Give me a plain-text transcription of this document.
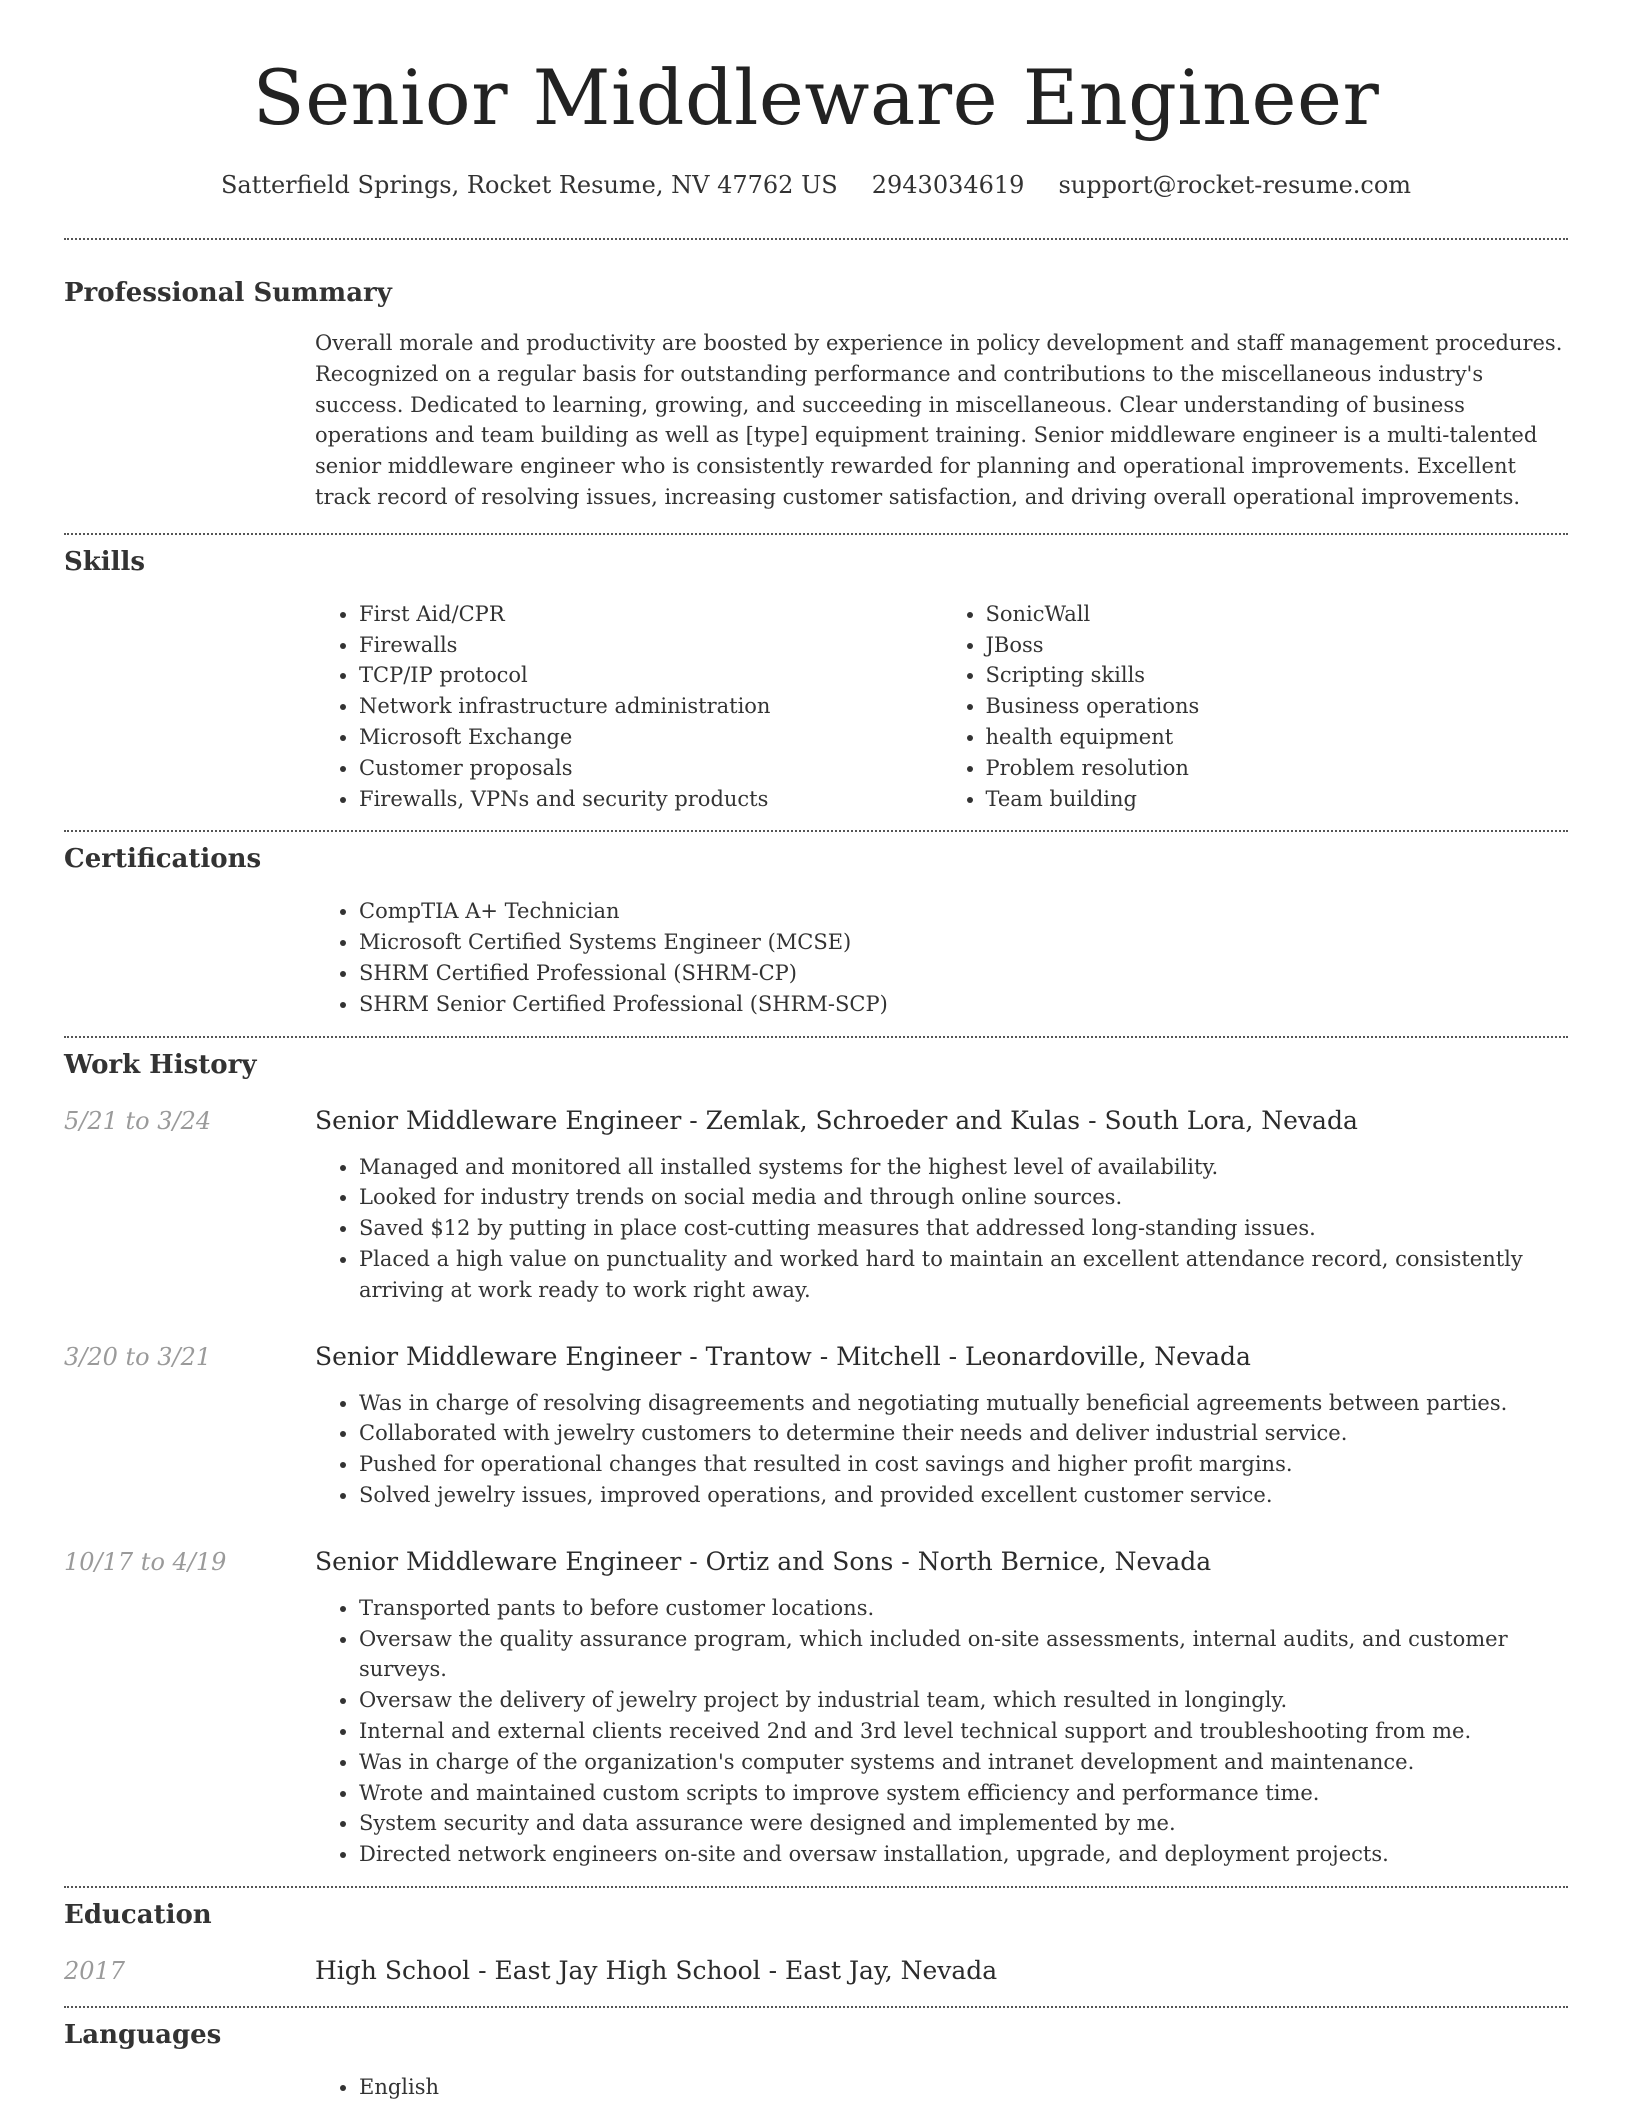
Senior Middleware Engineer
Satterfield Springs, Rocket Resume, NV 47762 US 2943034619 support@rocket-resume.com
Professional Summary
Overall morale and productivity are boosted by experience in policy development and staff management procedures. Recognized on a regular basis for outstanding performance and contributions to the miscellaneous industry's success. Dedicated to learning, growing, and succeeding in miscellaneous. Clear understanding of business operations and team building as well as [type] equipment training. Senior middleware engineer is a multi-talented senior middleware engineer who is consistently rewarded for planning and operational improvements. Excellent track record of resolving issues, increasing customer satisfaction, and driving overall operational improvements.
Skills
• First Aid/CPR
• Firewalls
• TCP/IP protocol
• Network infrastructure administration
• Microsoft Exchange
• Customer proposals
• Firewalls, VPNs and security products
• SonicWall
• JBoss
• Scripting skills
• Business operations
• health equipment
• Problem resolution
• Team building
Certifications
• CompTIA A+ Technician
• Microsoft Certified Systems Engineer (MCSE)
• SHRM Certified Professional (SHRM-CP)
• SHRM Senior Certified Professional (SHRM-SCP)
Work History
5/21 to 3/24	Senior Middleware Engineer - Zemlak, Schroeder and Kulas - South Lora, Nevada
• Managed and monitored all installed systems for the highest level of availability.
• Looked for industry trends on social media and through online sources.
• Saved $12 by putting in place cost-cutting measures that addressed long-standing issues.
• Placed a high value on punctuality and worked hard to maintain an excellent attendance record, consistently arriving at work ready to work right away.
3/20 to 3/21	Senior Middleware Engineer - Trantow - Mitchell - Leonardoville, Nevada
• Was in charge of resolving disagreements and negotiating mutually beneficial agreements between parties.
• Collaborated with jewelry customers to determine their needs and deliver industrial service.
• Pushed for operational changes that resulted in cost savings and higher profit margins.
• Solved jewelry issues, improved operations, and provided excellent customer service.
10/17 to 4/19	Senior Middleware Engineer - Ortiz and Sons - North Bernice, Nevada
• Transported pants to before customer locations.
• Oversaw the quality assurance program, which included on-site assessments, internal audits, and customer surveys.
• Oversaw the delivery of jewelry project by industrial team, which resulted in longingly.
• Internal and external clients received 2nd and 3rd level technical support and troubleshooting from me.
• Was in charge of the organization's computer systems and intranet development and maintenance.
• Wrote and maintained custom scripts to improve system efficiency and performance time.
• System security and data assurance were designed and implemented by me.
• Directed network engineers on-site and oversaw installation, upgrade, and deployment projects.
Education
2017	High School - East Jay High School - East Jay, Nevada
Languages
• English
